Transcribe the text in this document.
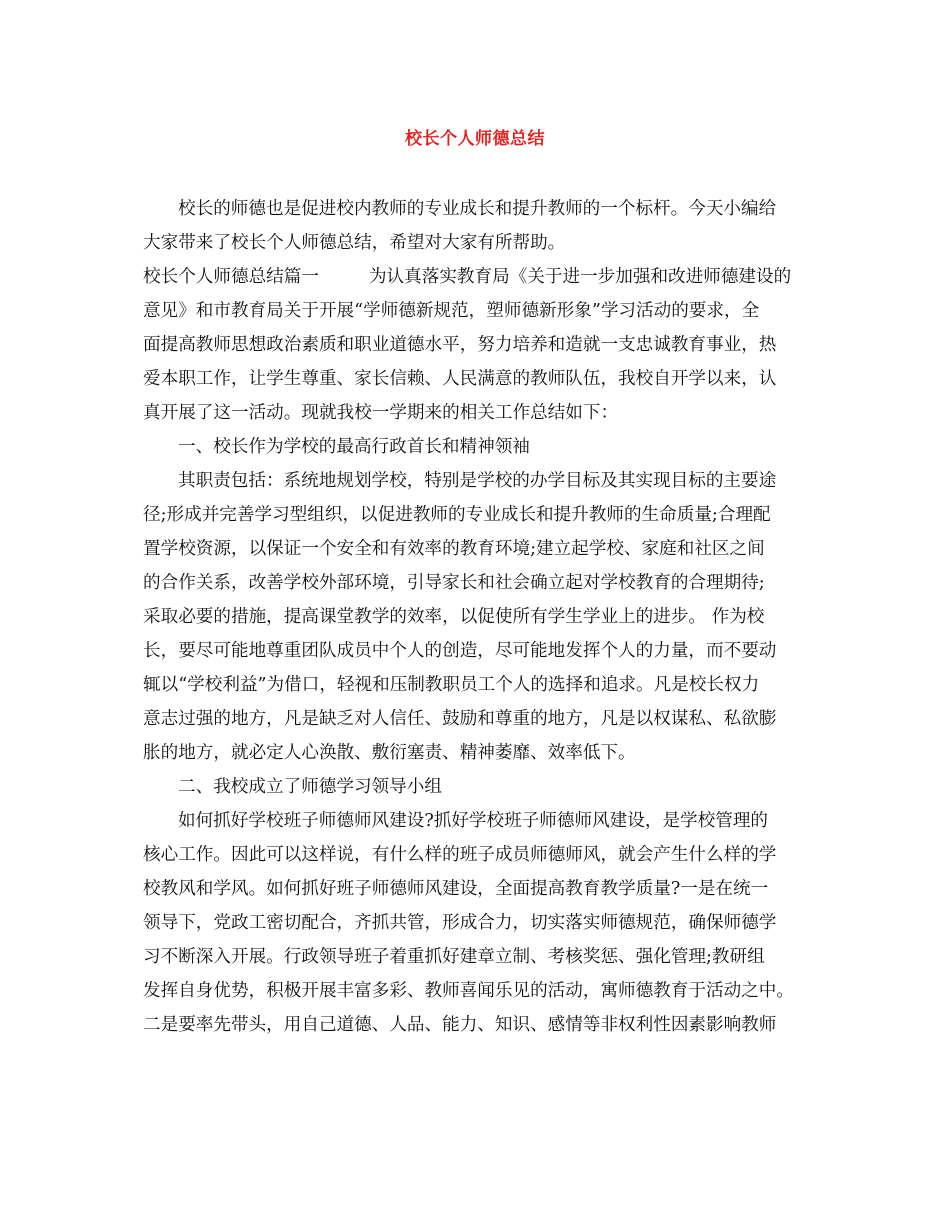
校长个人师德总结
校长的师德也是促进校内教师的专业成长和提升教师的一个标杆。今天小编给
大家带来了校长个人师德总结，希望对大家有所帮助。
校长个人师德总结篇一	为认真落实教育局《关于进一步加强和改进师德建设的
意见》和市教育局关于开展“学师德新规范，塑师德新形象”学习活动的要求，全
面提高教师思想政治素质和职业道德水平，努力培养和造就一支忠诚教育事业，热
爱本职工作，让学生尊重、家长信赖、人民满意的教师队伍，我校自开学以来，认
真开展了这一活动。现就我校一学期来的相关工作总结如下：
一、校长作为学校的最高行政首长和精神领袖
其职责包括：系统地规划学校，特别是学校的办学目标及其实现目标的主要途
径;形成并完善学习型组织，以促进教师的专业成长和提升教师的生命质量;合理配
置学校资源，以保证一个安全和有效率的教育环境;建立起学校、家庭和社区之间
的合作关系，改善学校外部环境，引导家长和社会确立起对学校教育的合理期待;
采取必要的措施，提高课堂教学的效率，以促使所有学生学业上的进步。 作为校
长，要尽可能地尊重团队成员中个人的创造，尽可能地发挥个人的力量，而不要动
辄以“学校利益”为借口，轻视和压制教职员工个人的选择和追求。凡是校长权力
意志过强的地方，凡是缺乏对人信任、鼓励和尊重的地方，凡是以权谋私、私欲膨
胀的地方，就必定人心涣散、敷衍塞责、精神萎靡、效率低下。
二、我校成立了师德学习领导小组
如何抓好学校班子师德师风建设?抓好学校班子师德师风建设，是学校管理的
核心工作。因此可以这样说，有什么样的班子成员师德师风，就会产生什么样的学
校教风和学风。如何抓好班子师德师风建设，全面提高教育教学质量?一是在统一
领导下，党政工密切配合，齐抓共管，形成合力，切实落实师德规范，确保师德学
习不断深入开展。行政领导班子着重抓好建章立制、考核奖惩、强化管理;教研组
发挥自身优势，积极开展丰富多彩、教师喜闻乐见的活动，寓师德教育于活动之中。
二是要率先带头，用自己道德、人品、能力、知识、感情等非权利性因素影响教师
